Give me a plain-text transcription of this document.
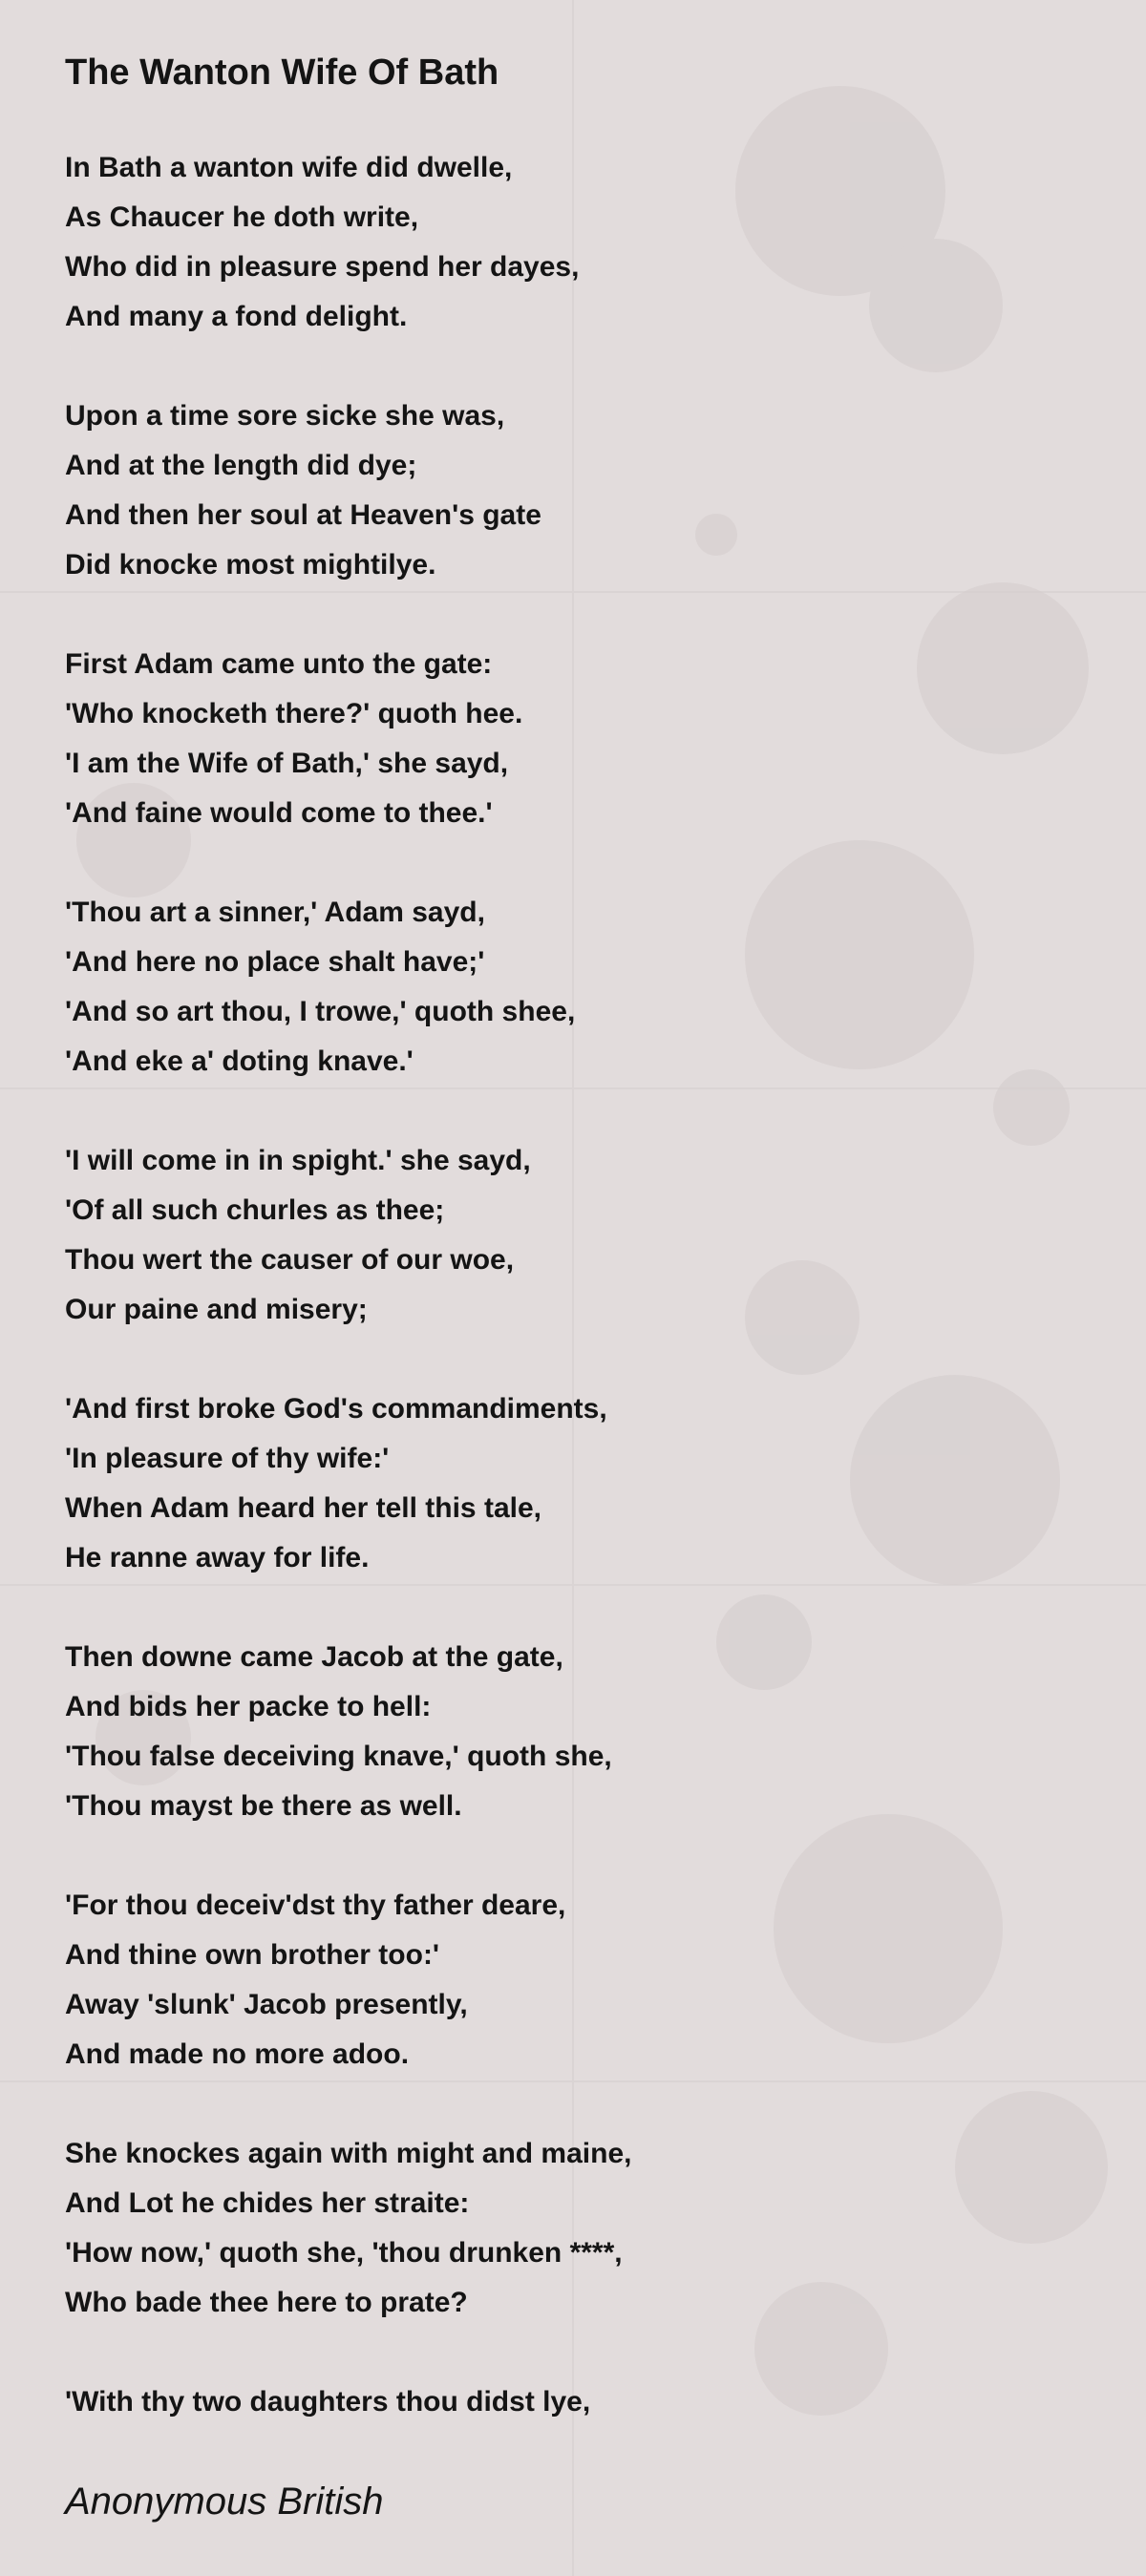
The Wanton Wife Of Bath
In Bath a wanton wife did dwelle,
As Chaucer he doth write,
Who did in pleasure spend her dayes,
And many a fond delight.
Upon a time sore sicke she was,
And at the length did dye;
And then her soul at Heaven's gate
Did knocke most mightilye.
First Adam came unto the gate:
'Who knocketh there?' quoth hee.
'I am the Wife of Bath,' she sayd,
'And faine would come to thee.'
'Thou art a sinner,' Adam sayd,
'And here no place shalt have;'
'And so art thou, I trowe,' quoth shee,
'And eke a' doting knave.'
'I will come in in spight.' she sayd,
'Of all such churles as thee;
Thou wert the causer of our woe,
Our paine and misery;
'And first broke God's commandiments,
'In pleasure of thy wife:'
When Adam heard her tell this tale,
He ranne away for life.
Then downe came Jacob at the gate,
And bids her packe to hell:
'Thou false deceiving knave,' quoth she,
'Thou mayst be there as well.
'For thou deceiv'dst thy father deare,
And thine own brother too:'
Away 'slunk' Jacob presently,
And made no more adoo.
She knockes again with might and maine,
And Lot he chides her straite:
'How now,' quoth she, 'thou drunken ****,
Who bade thee here to prate?
'With thy two daughters thou didst lye,
Anonymous British
